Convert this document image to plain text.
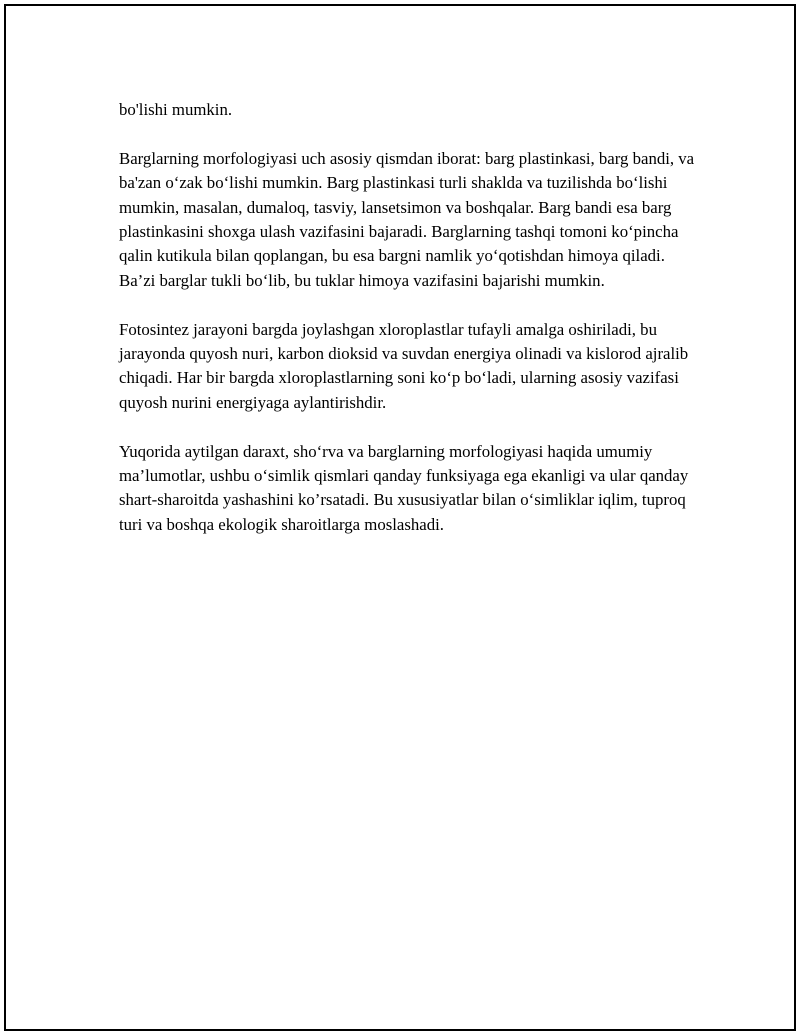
bo'lishi mumkin.

Barglarning morfologiyasi uch asosiy qismdan iborat: barg plastinkasi, barg bandi, va ba'zan o‘zak bo‘lishi mumkin. Barg plastinkasi turli shaklda va tuzilishda bo‘lishi mumkin, masalan, dumaloq, tasviy, lansetsimon va boshqalar. Barg bandi esa barg plastinkasini shoxga ulash vazifasini bajaradi. Barglarning tashqi tomoni ko‘pincha qalin kutikula bilan qoplangan, bu esa bargni namlik yo‘qotishdan himoya qiladi. Ba’zi barglar tukli bo‘lib, bu tuklar himoya vazifasini bajarishi mumkin.

Fotosintez jarayoni bargda joylashgan xloroplastlar tufayli amalga oshiriladi, bu jarayonda quyosh nuri, karbon dioksid va suvdan energiya olinadi va kislorod ajralib chiqadi. Har bir bargda xloroplastlarning soni ko‘p bo‘ladi, ularning asosiy vazifasi quyosh nurini energiyaga aylantirishdir.

Yuqorida aytilgan daraxt, sho‘rva va barglarning morfologiyasi haqida umumiy ma’lumotlar, ushbu o‘simlik qismlari qanday funksiyaga ega ekanligi va ular qanday shart-sharoitda yashashini ko’rsatadi. Bu xususiyatlar bilan o‘simliklar iqlim, tuproq turi va boshqa ekologik sharoitlarga moslashadi.
